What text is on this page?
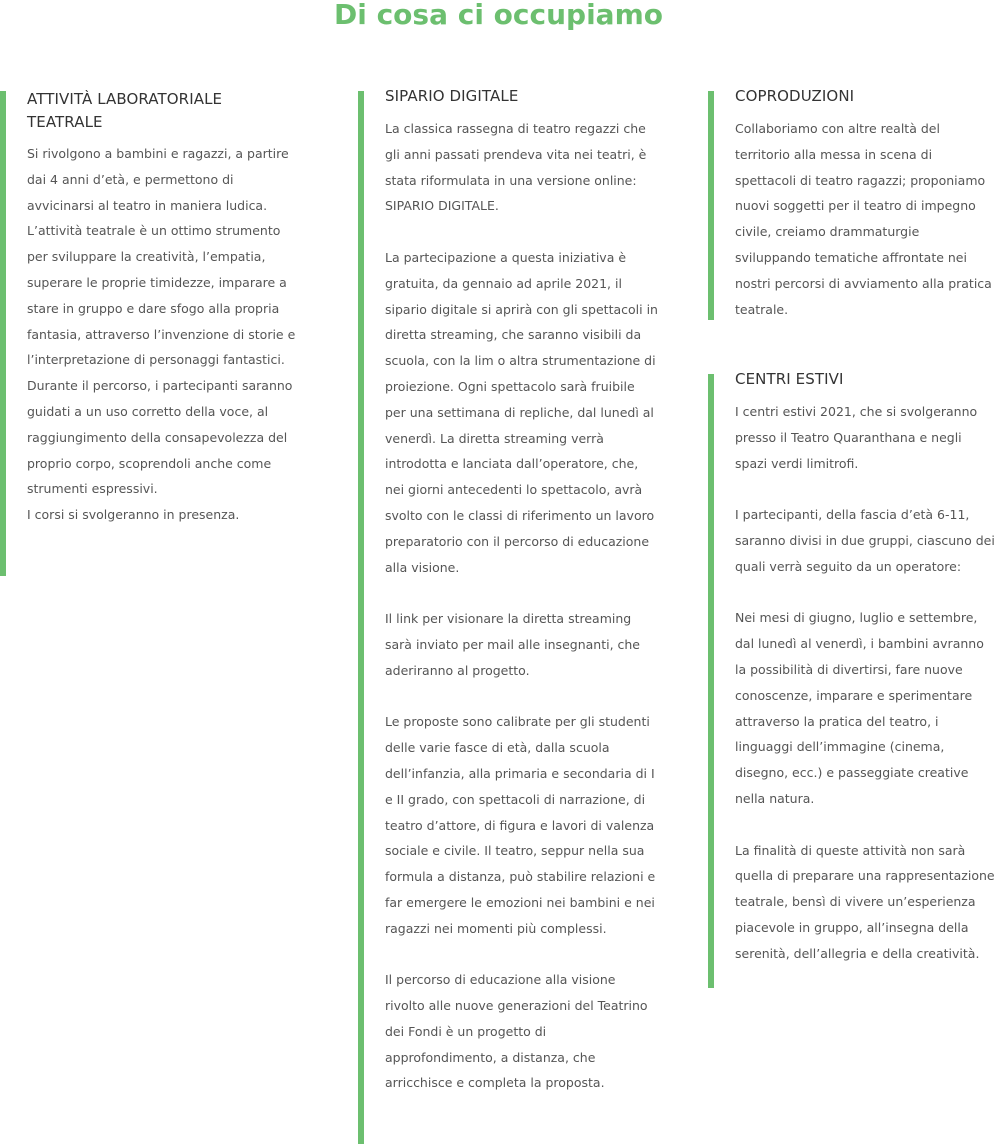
Di cosa ci occupiamo
ATTIVITÀ LABORATORIALE TEATRALE

Si rivolgono a bambini e ragazzi, a partire dai 4 anni d’età, e permettono di avvicinarsi al teatro in maniera ludica.

L’attività teatrale è un ottimo strumento per sviluppare la creatività, l’empatia, superare le proprie timidezze, imparare a stare in gruppo e dare sfogo alla propria fantasia, attraverso l’invenzione di storie e l’interpretazione di personaggi fantastici.

Durante il percorso, i partecipanti saranno guidati a un uso corretto della voce, al raggiungimento della consapevolezza del proprio corpo, scoprendoli anche come strumenti espressivi.

I corsi si svolgeranno in presenza.

SIPARIO DIGITALE

La classica rassegna di teatro regazzi che gli anni passati prendeva vita nei teatri, è stata riformulata in una versione online: SIPARIO DIGITALE.

La partecipazione a questa iniziativa è gratuita, da gennaio ad aprile 2021, il sipario digitale si aprirà con gli spettacoli in diretta streaming, che saranno visibili da scuola, con la lim o altra strumentazione di proiezione. Ogni spettacolo sarà fruibile per una settimana di repliche, dal lunedì al venerdì. La diretta streaming verrà introdotta e lanciata dall’operatore, che, nei giorni antecedenti lo spettacolo, avrà svolto con le classi di riferimento un lavoro preparatorio con il percorso di educazione alla visione.

Il link per visionare la diretta streaming sarà inviato per mail alle insegnanti, che aderiranno al progetto.

Le proposte sono calibrate per gli studenti delle varie fasce di età, dalla scuola dell’infanzia, alla primaria e secondaria di I e II grado, con spettacoli di narrazione, di teatro d’attore, di figura e lavori di valenza sociale e civile. Il teatro, seppur nella sua formula a distanza, può stabilire relazioni e far emergere le emozioni nei bambini e nei ragazzi nei momenti più complessi.

Il percorso di educazione alla visione rivolto alle nuove generazioni del Teatrino dei Fondi è un progetto di approfondimento, a distanza, che arricchisce e completa la proposta.

COPRODUZIONI

Collaboriamo con altre realtà del territorio alla messa in scena di spettacoli di teatro ragazzi; proponiamo nuovi soggetti per il teatro di impegno civile, creiamo drammaturgie sviluppando tematiche affrontate nei nostri percorsi di avviamento alla pratica teatrale.

CENTRI ESTIVI

I centri estivi 2021, che si svolgeranno presso il Teatro Quaranthana e negli spazi verdi limitrofi.

I partecipanti, della fascia d’età 6-11, saranno divisi in due gruppi, ciascuno dei quali verrà seguito da un operatore:

Nei mesi di giugno, luglio e settembre, dal lunedì al venerdì, i bambini avranno la possibilità di divertirsi, fare nuove conoscenze, imparare e sperimentare attraverso la pratica del teatro, i linguaggi dell’immagine (cinema, disegno, ecc.) e passeggiate creative nella natura.

La finalità di queste attività non sarà quella di preparare una rappresentazione teatrale, bensì di vivere un’esperienza piacevole in gruppo, all’insegna della serenità, dell’allegria e della creatività.
